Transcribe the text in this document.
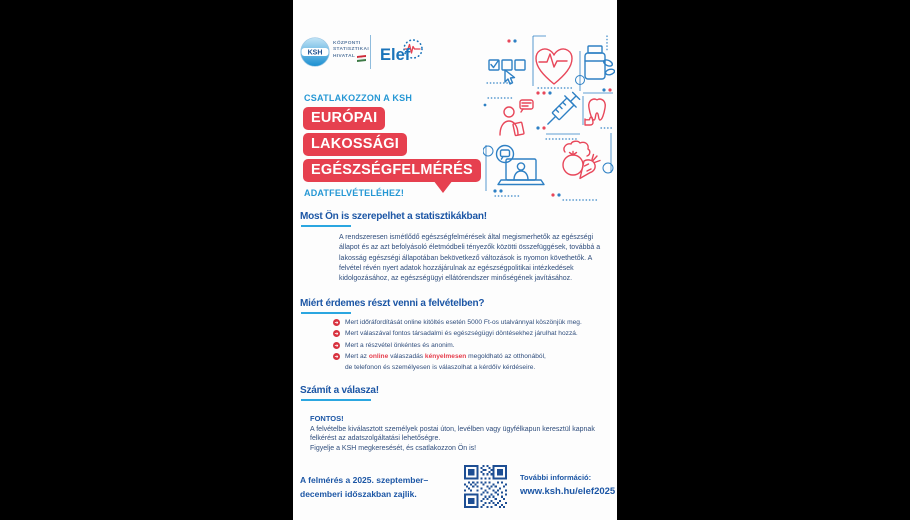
KSH
KÖZPONTI
STATISZTIKAI
HIVATAL	Elef
CSATLAKOZZON A KSH
EURÓPAI
LAKOSSÁGI
EGÉSZSÉGFELMÉRÉS
ADATFELVÉTELÉHEZ!
Most Ön is szerepelhet a statisztikákban!
A rendszeresen ismétlődő egészségfelmérések által megismerhetők az egészségi állapot és az azt befolyásoló életmódbeli tényezők közötti összefüggések, továbbá a lakosság egészségi állapotában bekövetkező változások is nyomon követhetők. A felvétel révén nyert adatok hozzájárulnak az egészségpolitikai intézkedések kidolgozásához, az egészségügyi ellátórendszer minőségének javításához.
Miért érdemes részt venni a felvételben?
➜ Mert időráfordítását online kitöltés esetén 5000 Ft-os utalvánnyal köszönjük meg.
➜ Mert válaszával fontos társadalmi és egészségügyi döntésekhez járulhat hozzá.
➜ Mert a részvétel önkéntes és anonim.
➜ Mert az online válaszadás kényelmesen megoldható az otthonából,
de telefonon és személyesen is válaszolhat a kérdőív kérdéseire.
Számít a válasza!
FONTOS!
A felvételbe kiválasztott személyek postai úton, levélben vagy ügyfélkapun keresztül kapnak felkérést az adatszolgáltatási lehetőségre.
Figyelje a KSH megkeresését, és csatlakozzon Ön is!
A felmérés a 2025. szeptember–decemberi időszakban zajlik.
További információ:
www.ksh.hu/elef2025
